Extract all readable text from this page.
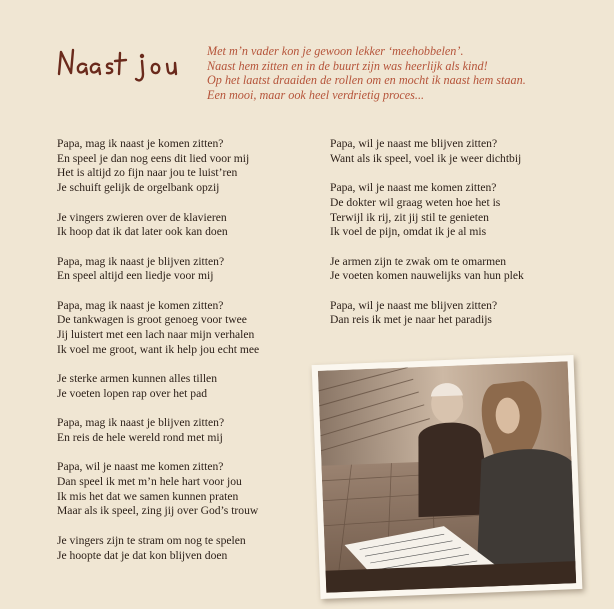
Met m’n vader kon je gewoon lekker ‘meehobbelen’.
Naast hem zitten en in de buurt zijn was heerlijk als kind!
Op het laatst draaiden de rollen om en mocht ik naast hem staan.
Een mooi, maar ook heel verdrietig proces...
Papa, mag ik naast je komen zitten?
En speel je dan nog eens dit lied voor mij
Het is altijd zo fijn naar jou te luist’ren
Je schuift gelijk de orgelbank opzij
Je vingers zwieren over de klavieren
Ik hoop dat ik dat later ook kan doen
Papa, mag ik naast je blijven zitten?
En speel altijd een liedje voor mij
Papa, mag ik naast je komen zitten?
De tankwagen is groot genoeg voor twee
Jij luistert met een lach naar mijn verhalen
Ik voel me groot, want ik help jou echt mee
Je sterke armen kunnen alles tillen
Je voeten lopen rap over het pad
Papa, mag ik naast je blijven zitten?
En reis de hele wereld rond met mij
Papa, wil je naast me komen zitten?
Dan speel ik met m’n hele hart voor jou
Ik mis het dat we samen kunnen praten
Maar als ik speel, zing jij over God’s trouw
Je vingers zijn te stram om nog te spelen
Je hoopte dat je dat kon blijven doen
Papa, wil je naast me blijven zitten?
Want als ik speel, voel ik je weer dichtbij
Papa, wil je naast me komen zitten?
De dokter wil graag weten hoe het is
Terwijl ik rij, zit jij stil te genieten
Ik voel de pijn, omdat ik je al mis
Je armen zijn te zwak om te omarmen
Je voeten komen nauwelijks van hun plek
Papa, wil je naast me blijven zitten?
Dan reis ik met je naar het paradijs
